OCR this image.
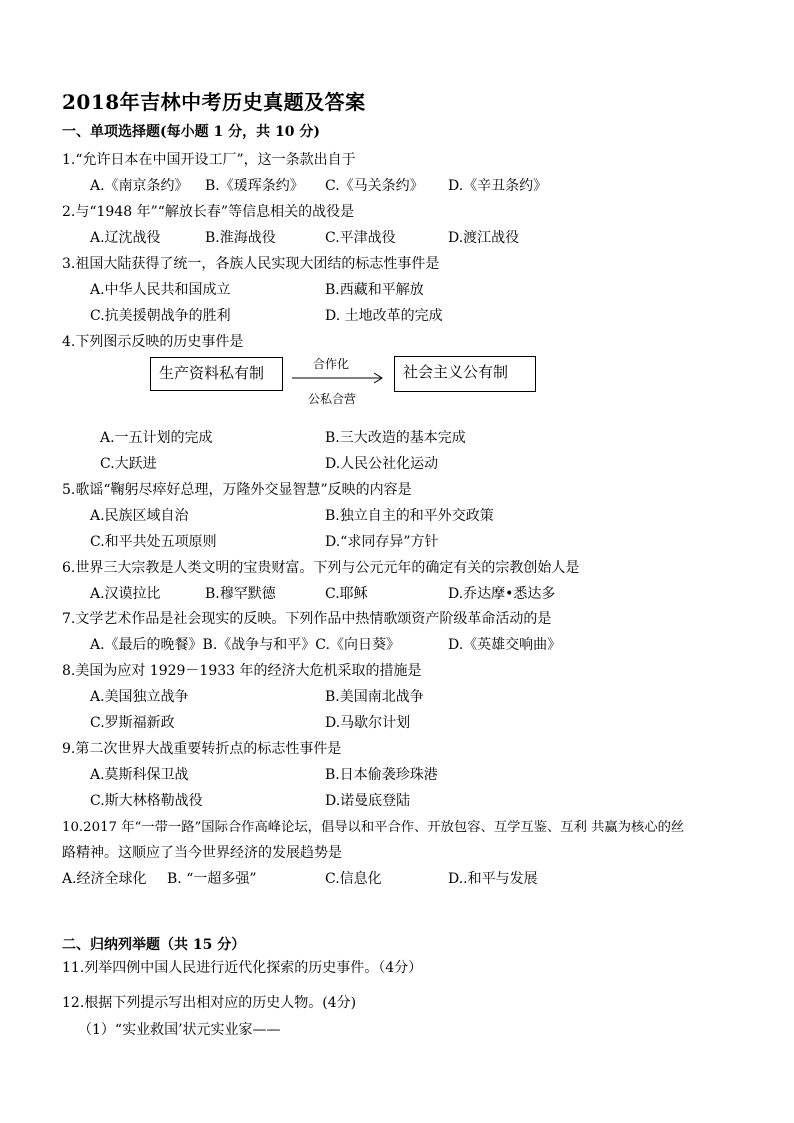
2018年吉林中考历史真题及答案
一、单项选择题(每小题 1 分，共 10 分)
1.“允许日本在中国开设工厂”，这一条款出自于
A.《南京条约》 B.《瑗珲条约》 C.《马关条约》 D.《辛丑条约》
2.与“1948 年”“解放长春”等信息相关的战役是
A.辽沈战役	B.淮海战役	C.平津战役	D.渡江战役
3.祖国大陆获得了统一，各族人民实现大团结的标志性事件是
A.中华人民共和国成立	B.西藏和平解放
C.抗美援朝战争的胜利	D. 土地改革的完成
4.下列图示反映的历史事件是
生产资料私有制	合作化
公私合营
社会主义公有制
A.一五计划的完成	B.三大改造的基本完成
C.大跃进	D.人民公社化运动
5.歌谣“鞠躬尽瘁好总理，万隆外交显智慧”反映的内容是
A.民族区域自治	B.独立自主的和平外交政策
C.和平共处五项原则	D.“求同存异”方针
6.世界三大宗教是人类文明的宝贵财富。下列与公元元年的确定有关的宗教创始人是
A.汉谟拉比	B.穆罕默德	C.耶稣	D.乔达摩•悉达多
7.文学艺术作品是社会现实的反映。下列作品中热情歌颂资产阶级革命活动的是
A.《最后的晚餐》B.《战争与和平》C.《向日葵》	D.《英雄交响曲》
8.美国为应对 1929－1933 年的经济大危机采取的措施是
A.美国独立战争	B.美国南北战争
C.罗斯福新政	D.马歇尔计划
9.第二次世界大战重要转折点的标志性事件是
A.莫斯科保卫战	B.日本偷袭珍珠港
C.斯大林格勒战役	D.诺曼底登陆
10.2017 年“一带一路”国际合作高峰论坛，倡导以和平合作、开放包容、互学互鉴、互利 共赢为核心的丝
路精神。这顺应了当今世界经济的发展趋势是
A.经济全球化 B. “一超多强”	C.信息化	D..和平与发展
二、归纳列举题（共 15 分）
11.列举四例中国人民进行近代化探索的历史事件。（4分）
12.根据下列提示写出相对应的历史人物。(4分)
（1）“实业救国’状元实业家——
